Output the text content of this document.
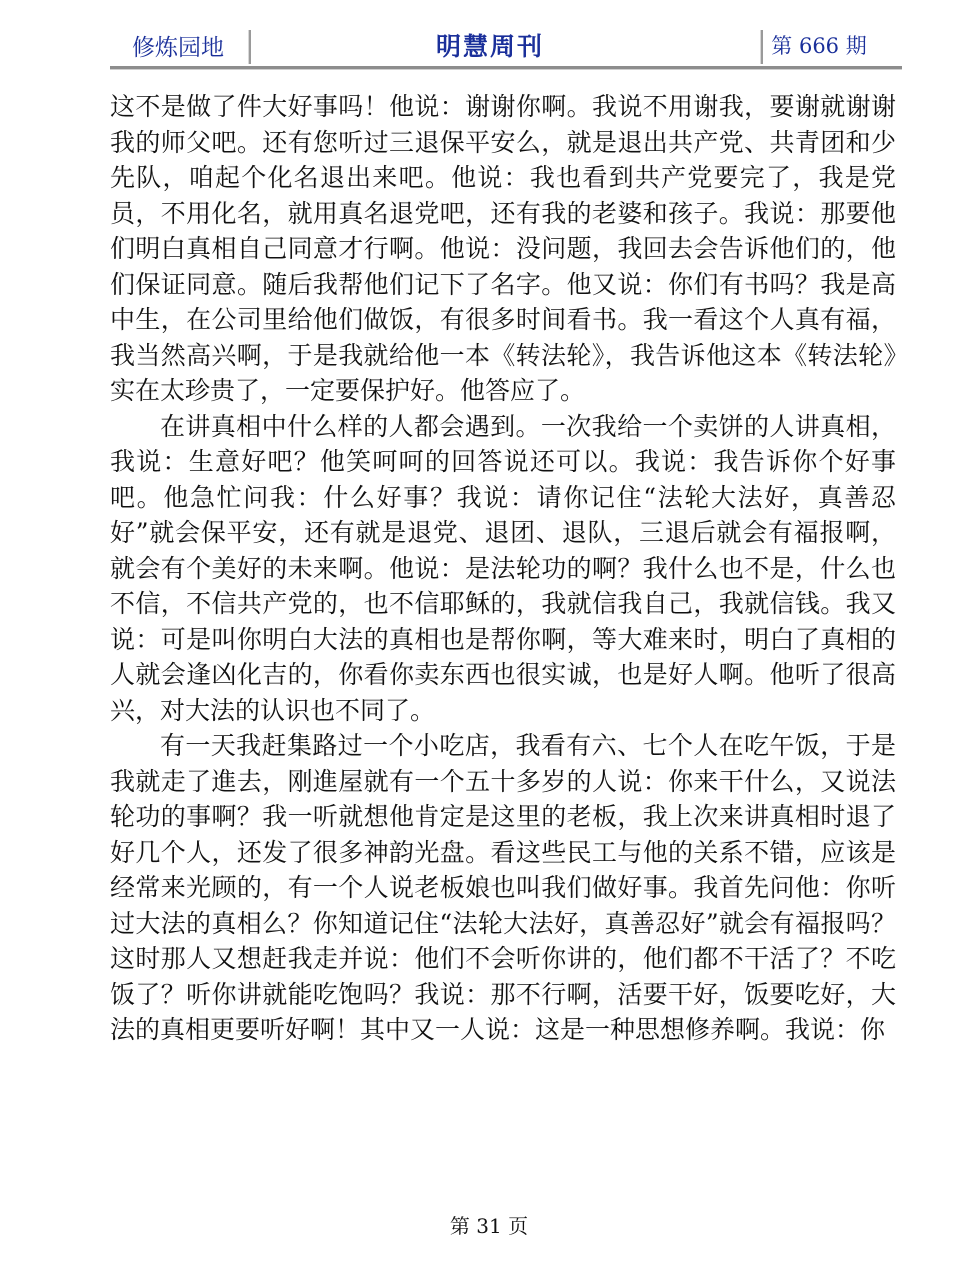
修炼园地	明慧周刊	第 666 期

这不是做了件大好事吗！他说：谢谢你啊。我说不用谢我，要谢就谢谢我的师父吧。还有您听过三退保平安么，就是退出共产党、共青团和少先队，咱起个化名退出来吧。他说：我也看到共产党要完了，我是党员，不用化名，就用真名退党吧，还有我的老婆和孩子。我说：那要他们明白真相自己同意才行啊。他说：没问题，我回去会告诉他们的，他们保证同意。随后我帮他们记下了名字。他又说：你们有书吗？我是高中生，在公司里给他们做饭，有很多时间看书。我一看这个人真有福，我当然高兴啊，于是我就给他一本《转法轮》，我告诉他这本《转法轮》实在太珍贵了，一定要保护好。他答应了。

在讲真相中什么样的人都会遇到。一次我给一个卖饼的人讲真相，我说：生意好吧？他笑呵呵的回答说还可以。我说：我告诉你个好事吧。他急忙问我：什么好事？我说：请你记住“法轮大法好，真善忍好”就会保平安，还有就是退党、退团、退队，三退后就会有福报啊，就会有个美好的未来啊。他说：是法轮功的啊？我什么也不是，什么也不信，不信共产党的，也不信耶稣的，我就信我自己，我就信钱。我又说：可是叫你明白大法的真相也是帮你啊，等大难来时，明白了真相的人就会逢凶化吉的，你看你卖东西也很实诚，也是好人啊。他听了很高兴，对大法的认识也不同了。

有一天我赶集路过一个小吃店，我看有六、七个人在吃午饭，于是我就走了進去，刚進屋就有一个五十多岁的人说：你来干什么，又说法轮功的事啊？我一听就想他肯定是这里的老板，我上次来讲真相时退了好几个人，还发了很多神韵光盘。看这些民工与他的关系不错，应该是经常来光顾的，有一个人说老板娘也叫我们做好事。我首先问他：你听过大法的真相么？你知道记住“法轮大法好，真善忍好”就会有福报吗？这时那人又想赶我走并说：他们不会听你讲的，他们都不干活了？不吃饭了？听你讲就能吃饱吗？我说：那不行啊，活要干好，饭要吃好，大法的真相更要听好啊！其中又一人说：这是一种思想修养啊。我说：你

第 31 页
